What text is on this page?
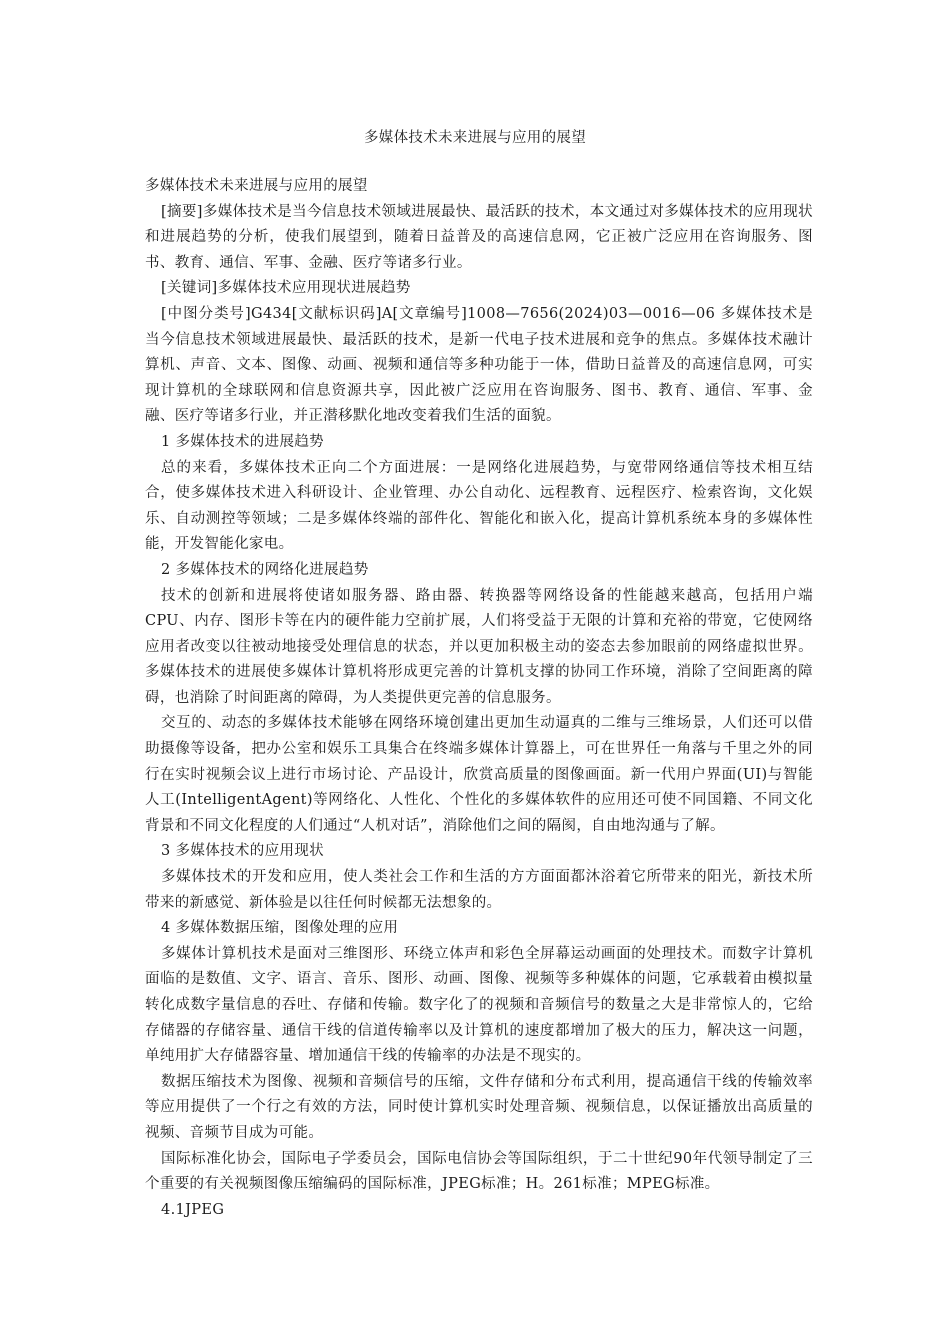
多媒体技术未来进展与应用的展望

多媒体技术未来进展与应用的展望

[摘要]多媒体技术是当今信息技术领域进展最快、最活跃的技术，本文通过对多媒体技术的应用现状和进展趋势的分析，使我们展望到，随着日益普及的高速信息网，它正被广泛应用在咨询服务、图书、教育、通信、军事、金融、医疗等诸多行业。

[关键词]多媒体技术应用现状进展趋势

[中图分类号]G434[文献标识码]A[文章编号]1008—7656(2024)03—0016—06 多媒体技术是当今信息技术领域进展最快、最活跃的技术，是新一代电子技术进展和竞争的焦点。多媒体技术融计算机、声音、文本、图像、动画、视频和通信等多种功能于一体，借助日益普及的高速信息网，可实现计算机的全球联网和信息资源共享，因此被广泛应用在咨询服务、图书、教育、通信、军事、金融、医疗等诸多行业，并正潜移默化地改变着我们生活的面貌。

1 多媒体技术的进展趋势

总的来看，多媒体技术正向二个方面进展：一是网络化进展趋势，与宽带网络通信等技术相互结合，使多媒体技术进入科研设计、企业管理、办公自动化、远程教育、远程医疗、检索咨询，文化娱乐、自动测控等领域；二是多媒体终端的部件化、智能化和嵌入化，提高计算机系统本身的多媒体性能，开发智能化家电。

2 多媒体技术的网络化进展趋势

技术的创新和进展将使诸如服务器、路由器、转换器等网络设备的性能越来越高，包括用户端CPU、内存、图形卡等在内的硬件能力空前扩展，人们将受益于无限的计算和充裕的带宽，它使网络应用者改变以往被动地接受处理信息的状态，并以更加积极主动的姿态去参加眼前的网络虚拟世界。多媒体技术的进展使多媒体计算机将形成更完善的计算机支撑的协同工作环境，消除了空间距离的障碍，也消除了时间距离的障碍，为人类提供更完善的信息服务。

交互的、动态的多媒体技术能够在网络环境创建出更加生动逼真的二维与三维场景，人们还可以借助摄像等设备，把办公室和娱乐工具集合在终端多媒体计算器上，可在世界任一角落与千里之外的同行在实时视频会议上进行市场讨论、产品设计，欣赏高质量的图像画面。新一代用户界面(UI)与智能人工(IntelligentAgent)等网络化、人性化、个性化的多媒体软件的应用还可使不同国籍、不同文化背景和不同文化程度的人们通过“人机对话”，消除他们之间的隔阂，自由地沟通与了解。

3 多媒体技术的应用现状

多媒体技术的开发和应用，使人类社会工作和生活的方方面面都沐浴着它所带来的阳光，新技术所带来的新感觉、新体验是以往任何时候都无法想象的。

4 多媒体数据压缩，图像处理的应用

多媒体计算机技术是面对三维图形、环绕立体声和彩色全屏幕运动画面的处理技术。而数字计算机面临的是数值、文字、语言、音乐、图形、动画、图像、视频等多种媒体的问题，它承载着由模拟量转化成数字量信息的吞吐、存储和传输。数字化了的视频和音频信号的数量之大是非常惊人的，它给存储器的存储容量、通信干线的信道传输率以及计算机的速度都增加了极大的压力，解决这一问题，单纯用扩大存储器容量、增加通信干线的传输率的办法是不现实的。

数据压缩技术为图像、视频和音频信号的压缩，文件存储和分布式利用，提高通信干线的传输效率等应用提供了一个行之有效的方法，同时使计算机实时处理音频、视频信息，以保证播放出高质量的视频、音频节目成为可能。

国际标准化协会，国际电子学委员会，国际电信协会等国际组织，于二十世纪90年代领导制定了三个重要的有关视频图像压缩编码的国际标准，JPEG标准；H。261标准；MPEG标准。

4.1JPEG
